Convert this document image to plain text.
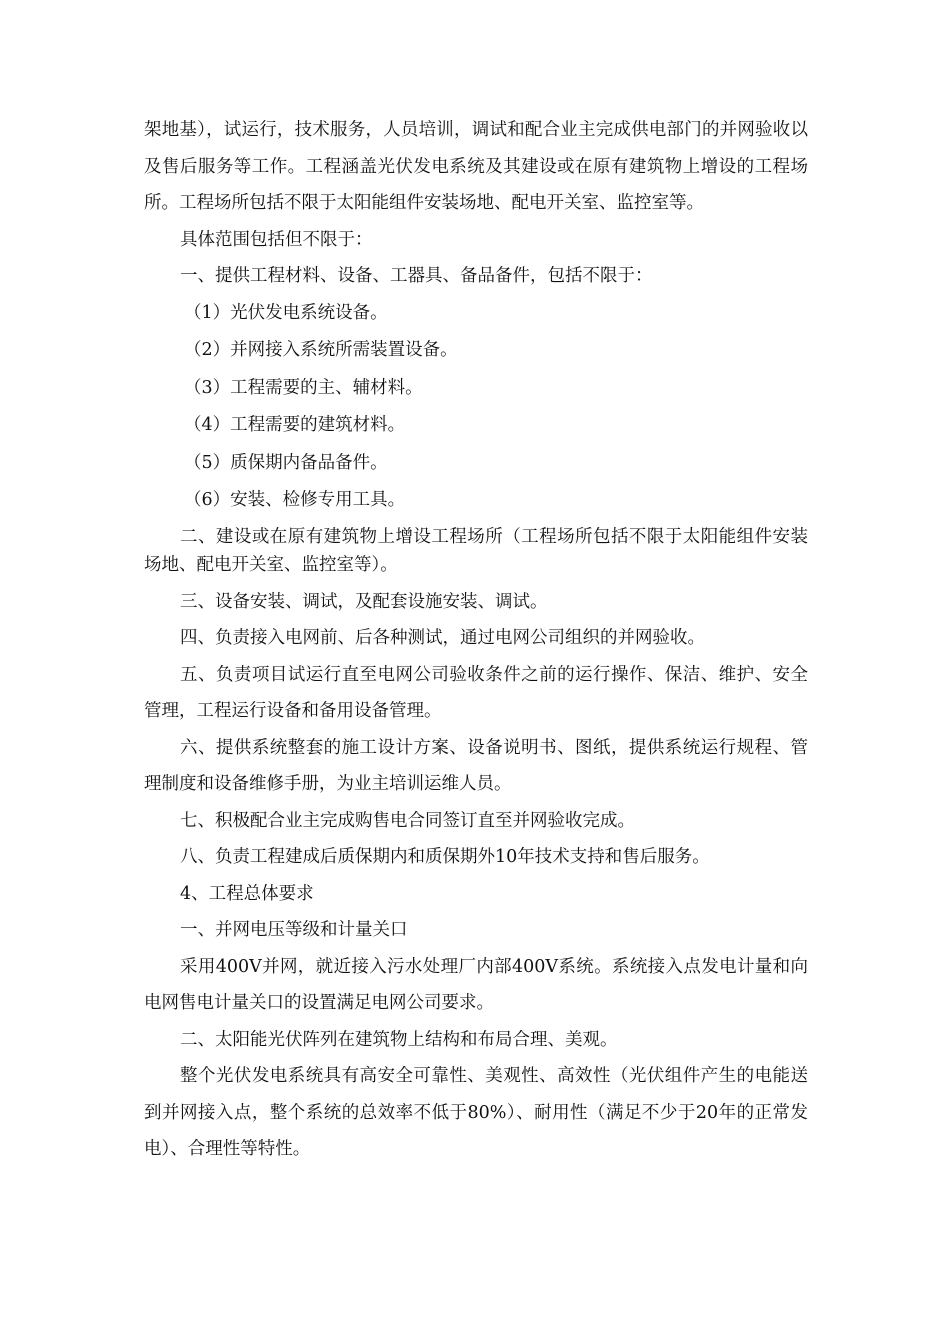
架地基），试运行，技术服务，人员培训，调试和配合业主完成供电部门的并网验收以及售后服务等工作。工程涵盖光伏发电系统及其建设或在原有建筑物上增设的工程场所。工程场所包括不限于太阳能组件安装场地、配电开关室、监控室等。

具体范围包括但不限于：

一、提供工程材料、设备、工器具、备品备件，包括不限于：

（1）光伏发电系统设备。

（2）并网接入系统所需装置设备。

（3）工程需要的主、辅材料。

（4）工程需要的建筑材料。

（5）质保期内备品备件。

（6）安装、检修专用工具。

二、建设或在原有建筑物上增设工程场所（工程场所包括不限于太阳能组件安装场地、配电开关室、监控室等）。

三、设备安装、调试，及配套设施安装、调试。

四、负责接入电网前、后各种测试，通过电网公司组织的并网验收。

五、负责项目试运行直至电网公司验收条件之前的运行操作、保洁、维护、安全管理，工程运行设备和备用设备管理。

六、提供系统整套的施工设计方案、设备说明书、图纸，提供系统运行规程、管理制度和设备维修手册，为业主培训运维人员。

七、积极配合业主完成购售电合同签订直至并网验收完成。

八、负责工程建成后质保期内和质保期外10年技术支持和售后服务。

4、工程总体要求

一、并网电压等级和计量关口

采用400V并网，就近接入污水处理厂内部400V系统。系统接入点发电计量和向电网售电计量关口的设置满足电网公司要求。

二、太阳能光伏阵列在建筑物上结构和布局合理、美观。

整个光伏发电系统具有高安全可靠性、美观性、高效性（光伏组件产生的电能送到并网接入点，整个系统的总效率不低于80%）、耐用性（满足不少于20年的正常发电）、合理性等特性。
